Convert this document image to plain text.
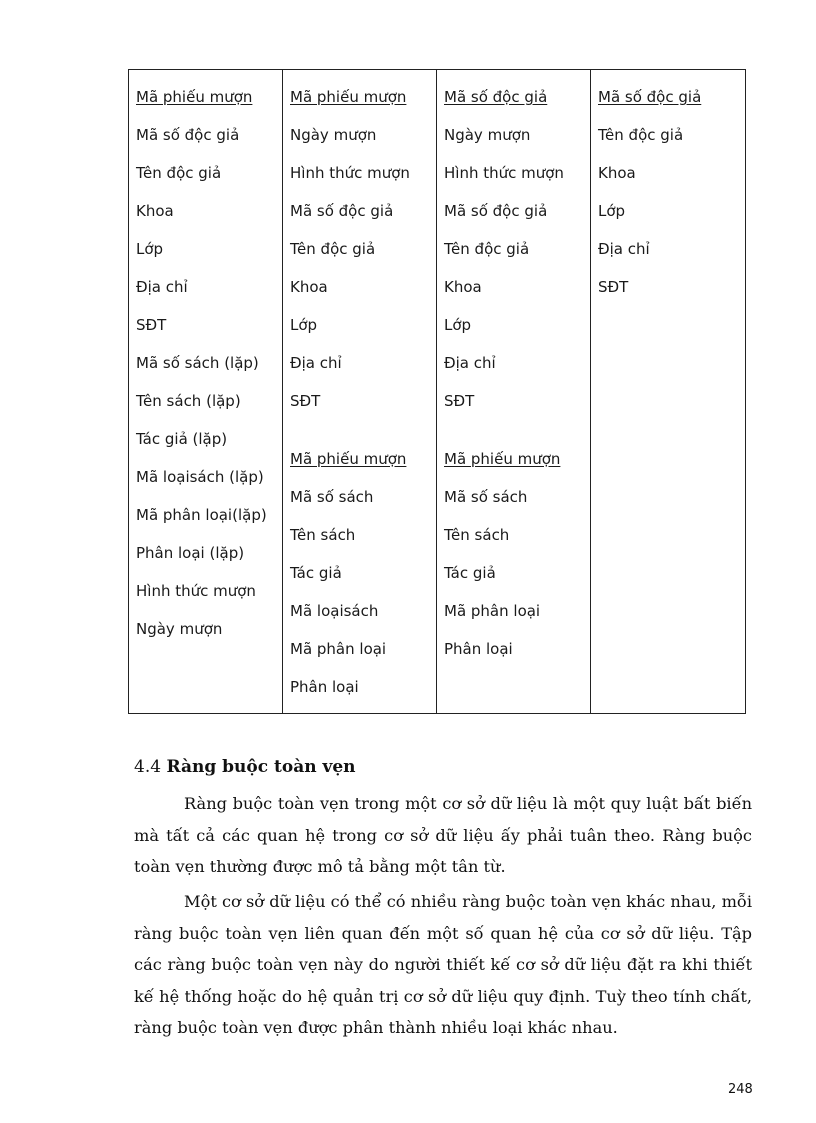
Mã phiếu mượn
Mã số độc giả
Tên độc giả
Khoa
Lớp
Địa chỉ
SĐT
Mã số sách (lặp)
Tên sách (lặp)
Tác giả (lặp)
Mã loạisách (lặp)
Mã phân loại(lặp)
Phân loại (lặp)
Hình thức mượn
Ngày mượn
Mã phiếu mượn
Ngày mượn
Hình thức mượn
Mã số độc giả
Tên độc giả
Khoa
Lớp
Địa chỉ
SĐT
Mã phiếu mượn
Mã số sách
Tên sách
Tác giả
Mã loạisách
Mã phân loại
Phân loại
Mã số độc giả
Ngày mượn
Hình thức mượn
Mã số độc giả
Tên độc giả
Khoa
Lớp
Địa chỉ
SĐT
Mã phiếu mượn
Mã số sách
Tên sách
Tác giả
Mã phân loại
Phân loại
Mã số độc giả
Tên độc giả
Khoa
Lớp
Địa chỉ
SĐT
4.4 Ràng buộc toàn vẹn

Ràng buộc toàn vẹn trong một cơ sở dữ liệu là một quy luật bất biến mà tất cả các quan hệ trong cơ sở dữ liệu ấy phải tuân theo. Ràng buộc toàn vẹn thường được mô tả bằng một tân từ.

Một cơ sở dữ liệu có thể có nhiều ràng buộc toàn vẹn khác nhau, mỗi ràng buộc toàn vẹn liên quan đến một số quan hệ của cơ sở dữ liệu. Tập các ràng buộc toàn vẹn này do người thiết kế cơ sở dữ liệu đặt ra khi thiết kế hệ thống hoặc do hệ quản trị cơ sở dữ liệu quy định. Tuỳ theo tính chất, ràng buộc toàn vẹn được phân thành nhiều loại khác nhau.

248
